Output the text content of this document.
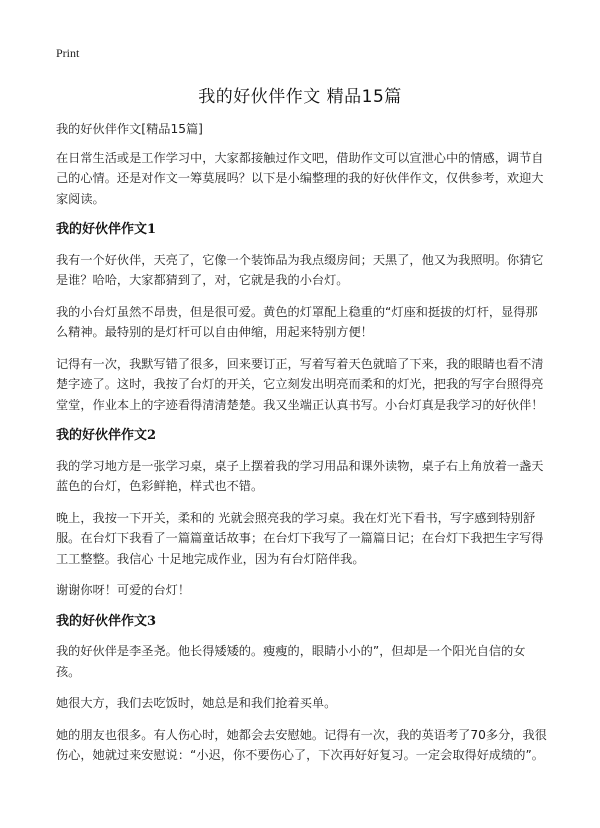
Print
我的好伙伴作文 精品15篇

我的好伙伴作文[精品15篇]

在日常生活或是工作学习中，大家都接触过作文吧，借助作文可以宣泄心中的情感，调节自己的心情。还是对作文一筹莫展吗？以下是小编整理的我的好伙伴作文，仅供参考，欢迎大家阅读。

我的好伙伴作文1

我有一个好伙伴，天亮了，它像一个装饰品为我点缀房间；天黑了，他又为我照明。你猜它是谁？哈哈，大家都猜到了，对，它就是我的小台灯。

我的小台灯虽然不昂贵，但是很可爱。黄色的灯罩配上稳重的“灯座和挺拔的灯杆，显得那么精神。最特别的是灯杆可以自由伸缩，用起来特别方便！

记得有一次，我默写错了很多，回来要订正，写着写着天色就暗了下来，我的眼睛也看不清楚字迹了。这时，我按了台灯的开关，它立刻发出明亮而柔和的灯光，把我的写字台照得亮堂堂，作业本上的字迹看得清清楚楚。我又坐端正认真书写。小台灯真是我学习的好伙伴！

我的好伙伴作文2

我的学习地方是一张学习桌，桌子上摆着我的学习用品和课外读物，桌子右上角放着一盏天蓝色的台灯，色彩鲜艳，样式也不错。

晚上，我按一下开关，柔和的 光就会照亮我的学习桌。我在灯光下看书，写字感到特别舒服。在台灯下我看了一篇篇童话故事；在台灯下我写了一篇篇日记；在台灯下我把生字写得工工整整。我信心 十足地完成作业，因为有台灯陪伴我。

谢谢你呀！可爱的台灯！

我的好伙伴作文3

我的好伙伴是李圣尧。他长得矮矮的。瘦瘦的，眼睛小小的”，但却是一个阳光自信的女孩。

她很大方，我们去吃饭时，她总是和我们抢着买单。

她的朋友也很多。有人伤心时，她都会去安慰她。记得有一次，我的英语考了70多分，我很伤心，她就过来安慰说：“小迟，你不要伤心了，下次再好好复习。一定会取得好成绩的”。
